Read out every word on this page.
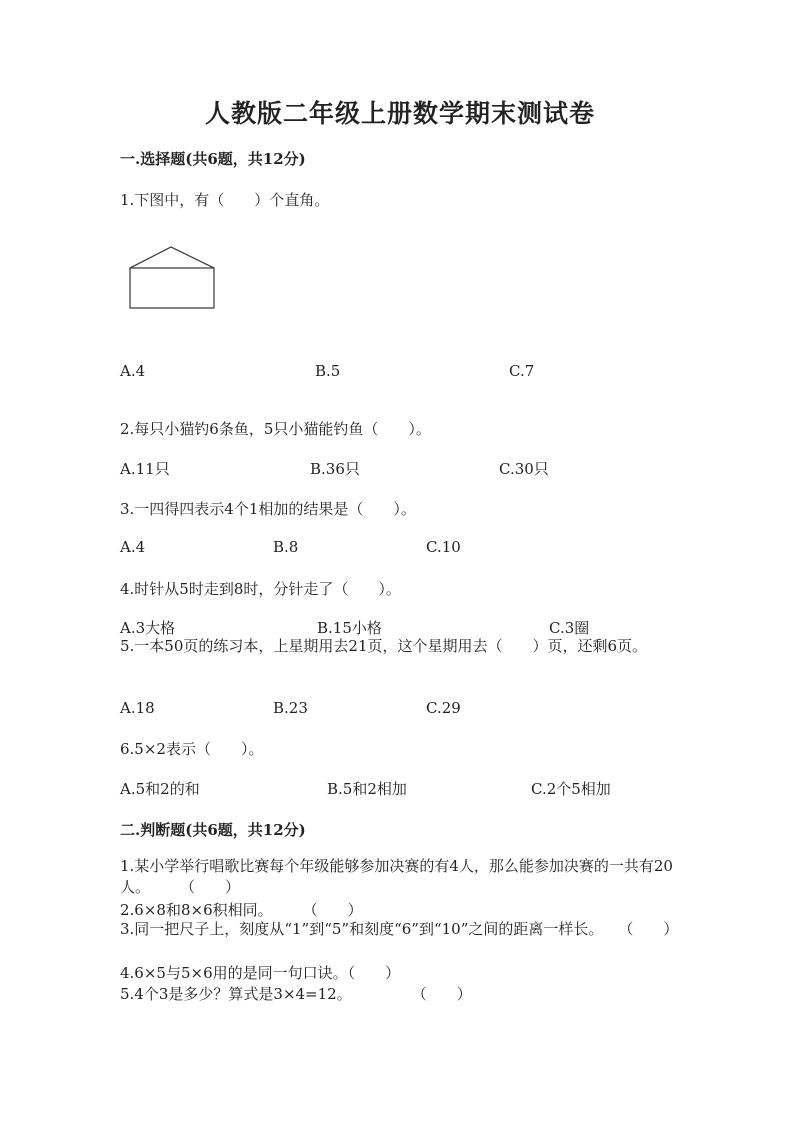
人教版二年级上册数学期末测试卷
一.选择题(共6题，共12分)
1.下图中，有（　　）个直角。
A.4	B.5	C.7
2.每只小猫钓6条鱼，5只小猫能钓鱼（　　）。
A.11只	B.36只	C.30只
3.一四得四表示4个1相加的结果是（　　）。
A.4	B.8	C.10
4.时针从5时走到8时，分针走了（　　）。
A.3大格	B.15小格	C.3圈
5.一本50页的练习本，上星期用去21页，这个星期用去（　　）页，还剩6页。
A.18	B.23	C.29
6.5×2表示（　　）。
A.5和2的和	B.5和2相加	C.2个5相加
二.判断题(共6题，共12分)
1.某小学举行唱歌比赛每个年级能够参加决赛的有4人，那么能参加决赛的一共有20人。　　　（　　）
2.6×8和8×6积相同。　　　（　　）
3.同一把尺子上，刻度从“1”到“5”和刻度“6”到“10”之间的距离一样长。　　（　　）
4.6×5与5×6用的是同一句口诀。（　　）
5.4个3是多少？算式是3×4=12。　　　　　（　　）
